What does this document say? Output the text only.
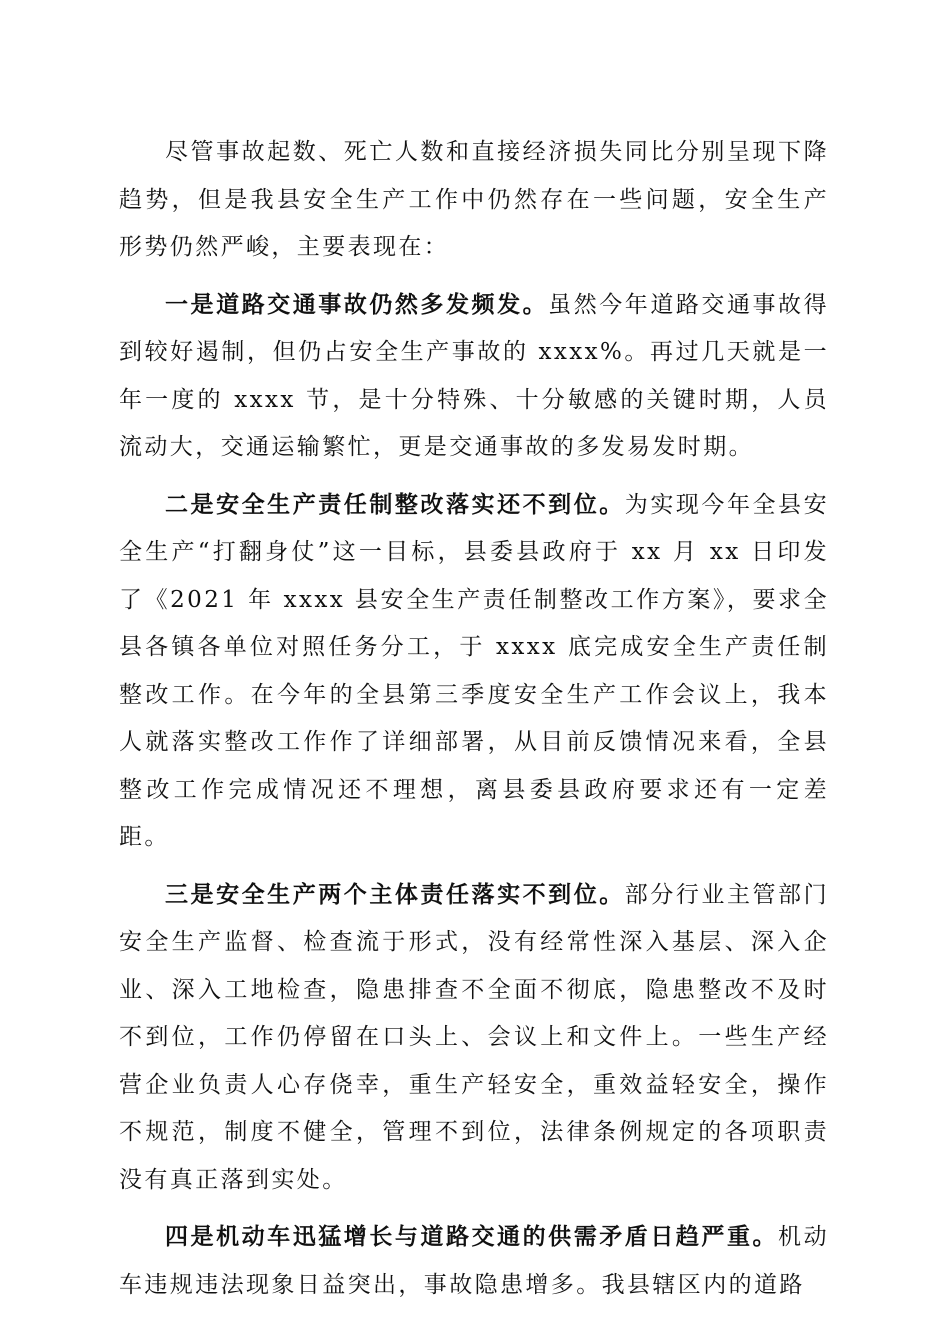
尽管事故起数、死亡人数和直接经济损失同比分别呈现下降趋势，但是我县安全生产工作中仍然存在一些问题，安全生产形势仍然严峻，主要表现在：

一是道路交通事故仍然多发频发。虽然今年道路交通事故得到较好遏制，但仍占安全生产事故的 xxxx%。再过几天就是一年一度的 xxxx 节，是十分特殊、十分敏感的关键时期，人员流动大，交通运输繁忙，更是交通事故的多发易发时期。

二是安全生产责任制整改落实还不到位。为实现今年全县安全生产“打翻身仗”这一目标，县委县政府于 xx 月 xx 日印发了《2021 年 xxxx 县安全生产责任制整改工作方案》，要求全县各镇各单位对照任务分工，于 xxxx 底完成安全生产责任制整改工作。在今年的全县第三季度安全生产工作会议上，我本人就落实整改工作作了详细部署，从目前反馈情况来看，全县整改工作完成情况还不理想，离县委县政府要求还有一定差距。

三是安全生产两个主体责任落实不到位。部分行业主管部门安全生产监督、检查流于形式，没有经常性深入基层、深入企业、深入工地检查，隐患排查不全面不彻底，隐患整改不及时不到位，工作仍停留在口头上、会议上和文件上。一些生产经营企业负责人心存侥幸，重生产轻安全，重效益轻安全，操作不规范，制度不健全，管理不到位，法律条例规定的各项职责没有真正落到实处。

四是机动车迅猛增长与道路交通的供需矛盾日趋严重。机动车违规违法现象日益突出，事故隐患增多。我县辖区内的道路
